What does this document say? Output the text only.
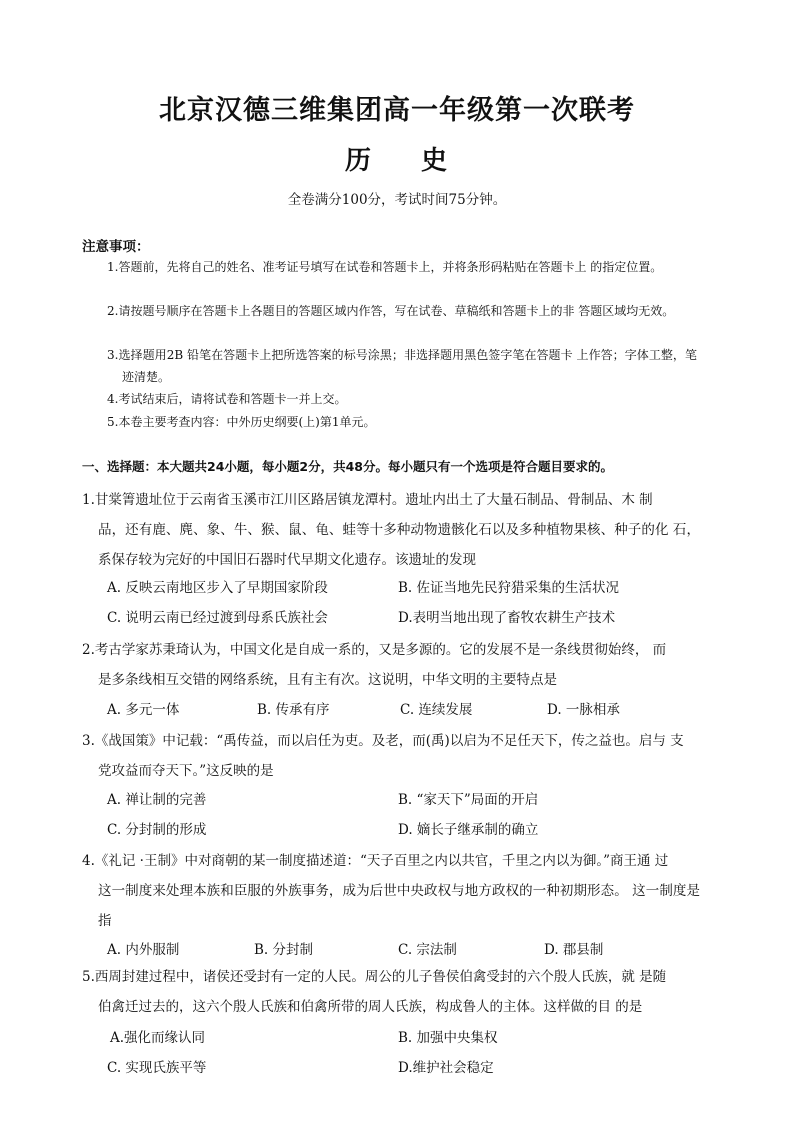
北京汉德三维集团高一年级第一次联考
历 史
全卷满分100分，考试时间75分钟。
注意事项：
1.答题前，先将自己的姓名、准考证号填写在试卷和答题卡上，并将条形码粘贴在答题卡上 的指定位置。
2.请按题号顺序在答题卡上各题目的答题区域内作答，写在试卷、草稿纸和答题卡上的非 答题区域均无效。
3.选择题用2B 铅笔在答题卡上把所选答案的标号涂黑；非选择题用黑色签字笔在答题卡 上作答；字体工整，笔迹清楚。
4.考试结束后，请将试卷和答题卡一并上交。
5.本卷主要考查内容：中外历史纲要(上)第1单元。
一、选择题：本大题共24小题，每小题2分，共48分。每小题只有一个选项是符合题目要求的。
1.甘棠箐遗址位于云南省玉溪市江川区路居镇龙潭村。遗址内出土了大量石制品、骨制品、木 制
品，还有鹿、麂、象、牛、猴、鼠、龟、蛙等十多种动物遗骸化石以及多种植物果核、种子的化 石，系保存较为完好的中国旧石器时代早期文化遗存。该遗址的发现
A. 反映云南地区步入了早期国家阶段	B. 佐证当地先民狩猎采集的生活状况
C. 说明云南已经过渡到母系氏族社会	D.表明当地出现了畜牧农耕生产技术
2.考古学家苏秉琦认为，中国文化是自成一系的，又是多源的。它的发展不是一条线贯彻始终， 而
是多条线相互交错的网络系统，且有主有次。这说明，中华文明的主要特点是
A. 多元一体	B. 传承有序	C. 连续发展	D. 一脉相承
3.《战国策》中记载：“禹传益，而以启任为吏。及老，而(禹)以启为不足任天下，传之益也。启与 支
党攻益而夺天下。”这反映的是
A. 禅让制的完善	B. “家天下”局面的开启
C. 分封制的形成	D. 嫡长子继承制的确立
4.《礼记 ·王制》中对商朝的某一制度描述道：“天子百里之内以共官，千里之内以为御。”商王通 过
这一制度来处理本族和臣服的外族事务，成为后世中央政权与地方政权的一种初期形态。 这一制度是指
A. 内外服制	B. 分封制	C. 宗法制	D. 郡县制
5.西周封建过程中，诸侯还受封有一定的人民。周公的儿子鲁侯伯禽受封的六个殷人氏族，就 是随
伯禽迁过去的，这六个殷人氏族和伯禽所带的周人氏族，构成鲁人的主体。这样做的目 的是
A.强化而缘认同	B. 加强中央集权
C. 实现氏族平等	D.维护社会稳定
